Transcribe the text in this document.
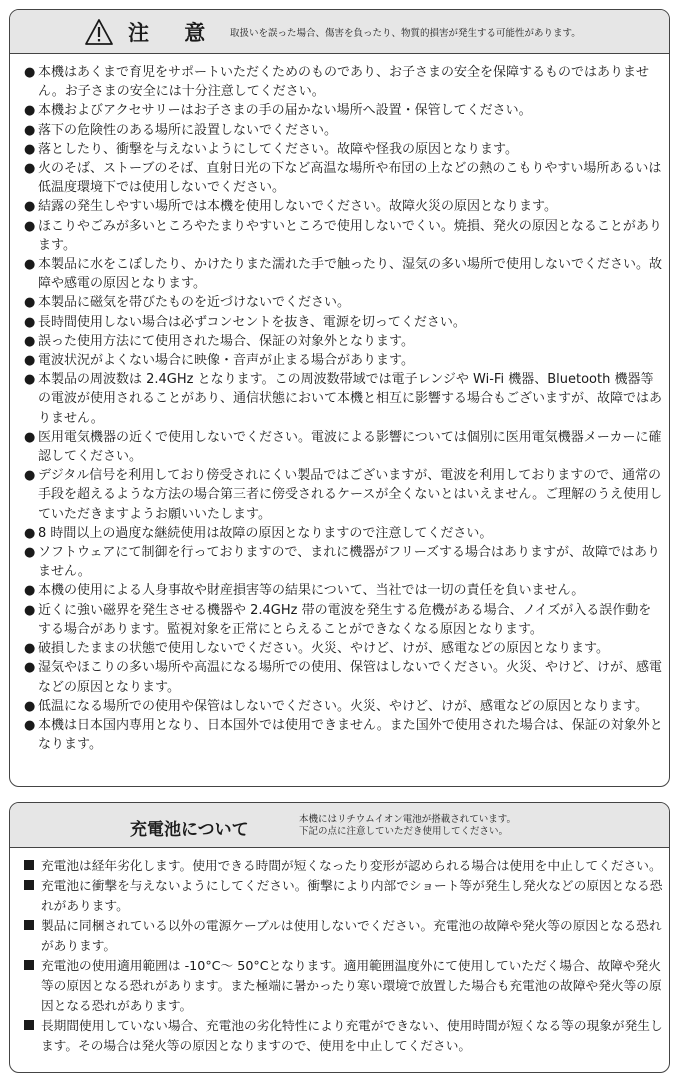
注 意 取扱いを誤った場合、傷害を負ったり、物質的損害が発生する可能性があります。
● 本機はあくまで育児をサポートいただくためのものであり、お子さまの安全を保障するものではありません。お子さまの安全には十分注意してください。
● 本機およびアクセサリーはお子さまの手の届かない場所へ設置・保管してください。
● 落下の危険性のある場所に設置しないでください。
● 落としたり、衝撃を与えないようにしてください。故障や怪我の原因となります。
● 火のそば、ストーブのそば、直射日光の下など高温な場所や布団の上などの熱のこもりやすい場所あるいは低温度環境下では使用しないでください。
● 結露の発生しやすい場所では本機を使用しないでください。故障火災の原因となります。
● ほこりやごみが多いところやたまりやすいところで使用しないでくい。焼損、発火の原因となることがあります。
● 本製品に水をこぼしたり、かけたりまた濡れた手で触ったり、湿気の多い場所で使用しないでください。故障や感電の原因となります。
● 本製品に磁気を帯びたものを近づけないでください。
● 長時間使用しない場合は必ずコンセントを抜き、電源を切ってください。
● 誤った使用方法にて使用された場合、保証の対象外となります。
● 電波状況がよくない場合に映像・音声が止まる場合があります。
● 本製品の周波数は 2.4GHz となります。この周波数帯域では電子レンジや Wi-Fi 機器、Bluetooth 機器等の電波が使用されることがあり、通信状態において本機と相互に影響する場合もございますが、故障ではありません。
● 医用電気機器の近くで使用しないでください。電波による影響については個別に医用電気機器メーカーに確認してください。
● デジタル信号を利用しており傍受されにくい製品ではございますが、電波を利用しておりますので、通常の手段を超えるような方法の場合第三者に傍受されるケースが全くないとはいえません。ご理解のうえ使用していただきますようお願いいたします。
● 8 時間以上の過度な継続使用は故障の原因となりますので注意してください。
● ソフトウェアにて制御を行っておりますので、まれに機器がフリーズする場合はありますが、故障ではありません。
● 本機の使用による人身事故や財産損害等の結果について、当社では一切の責任を負いません。
● 近くに強い磁界を発生させる機器や 2.4GHz 帯の電波を発生する危機がある場合、ノイズが入る誤作動をする場合があります。監視対象を正常にとらえることができなくなる原因となります。
● 破損したままの状態で使用しないでください。火災、やけど、けが、感電などの原因となります。
● 湿気やほこりの多い場所や高温になる場所での使用、保管はしないでください。火災、やけど、けが、感電などの原因となります。
● 低温になる場所での使用や保管はしないでください。火災、やけど、けが、感電などの原因となります。
● 本機は日本国内専用となり、日本国外では使用できません。また国外で使用された場合は、保証の対象外となります。
充電池について
本機にはリチウムイオン電池が搭載されています。
下記の点に注意していただき使用してください。
充電池は経年劣化します。使用できる時間が短くなったり変形が認められる場合は使用を中止してください。
充電池に衝撃を与えないようにしてください。衝撃により内部でショート等が発生し発火などの原因となる恐れがあります。
製品に同梱されている以外の電源ケーブルは使用しないでください。充電池の故障や発火等の原因となる恐れがあります。
充電池の使用適用範囲は -10°C～ 50°Cとなります。適用範囲温度外にて使用していただく場合、故障や発火等の原因となる恐れがあります。また極端に暑かったり寒い環境で放置した場合も充電池の故障や発火等の原因となる恐れがあります。
長期間使用していない場合、充電池の劣化特性により充電ができない、使用時間が短くなる等の現象が発生します。その場合は発火等の原因となりますので、使用を中止してください。
